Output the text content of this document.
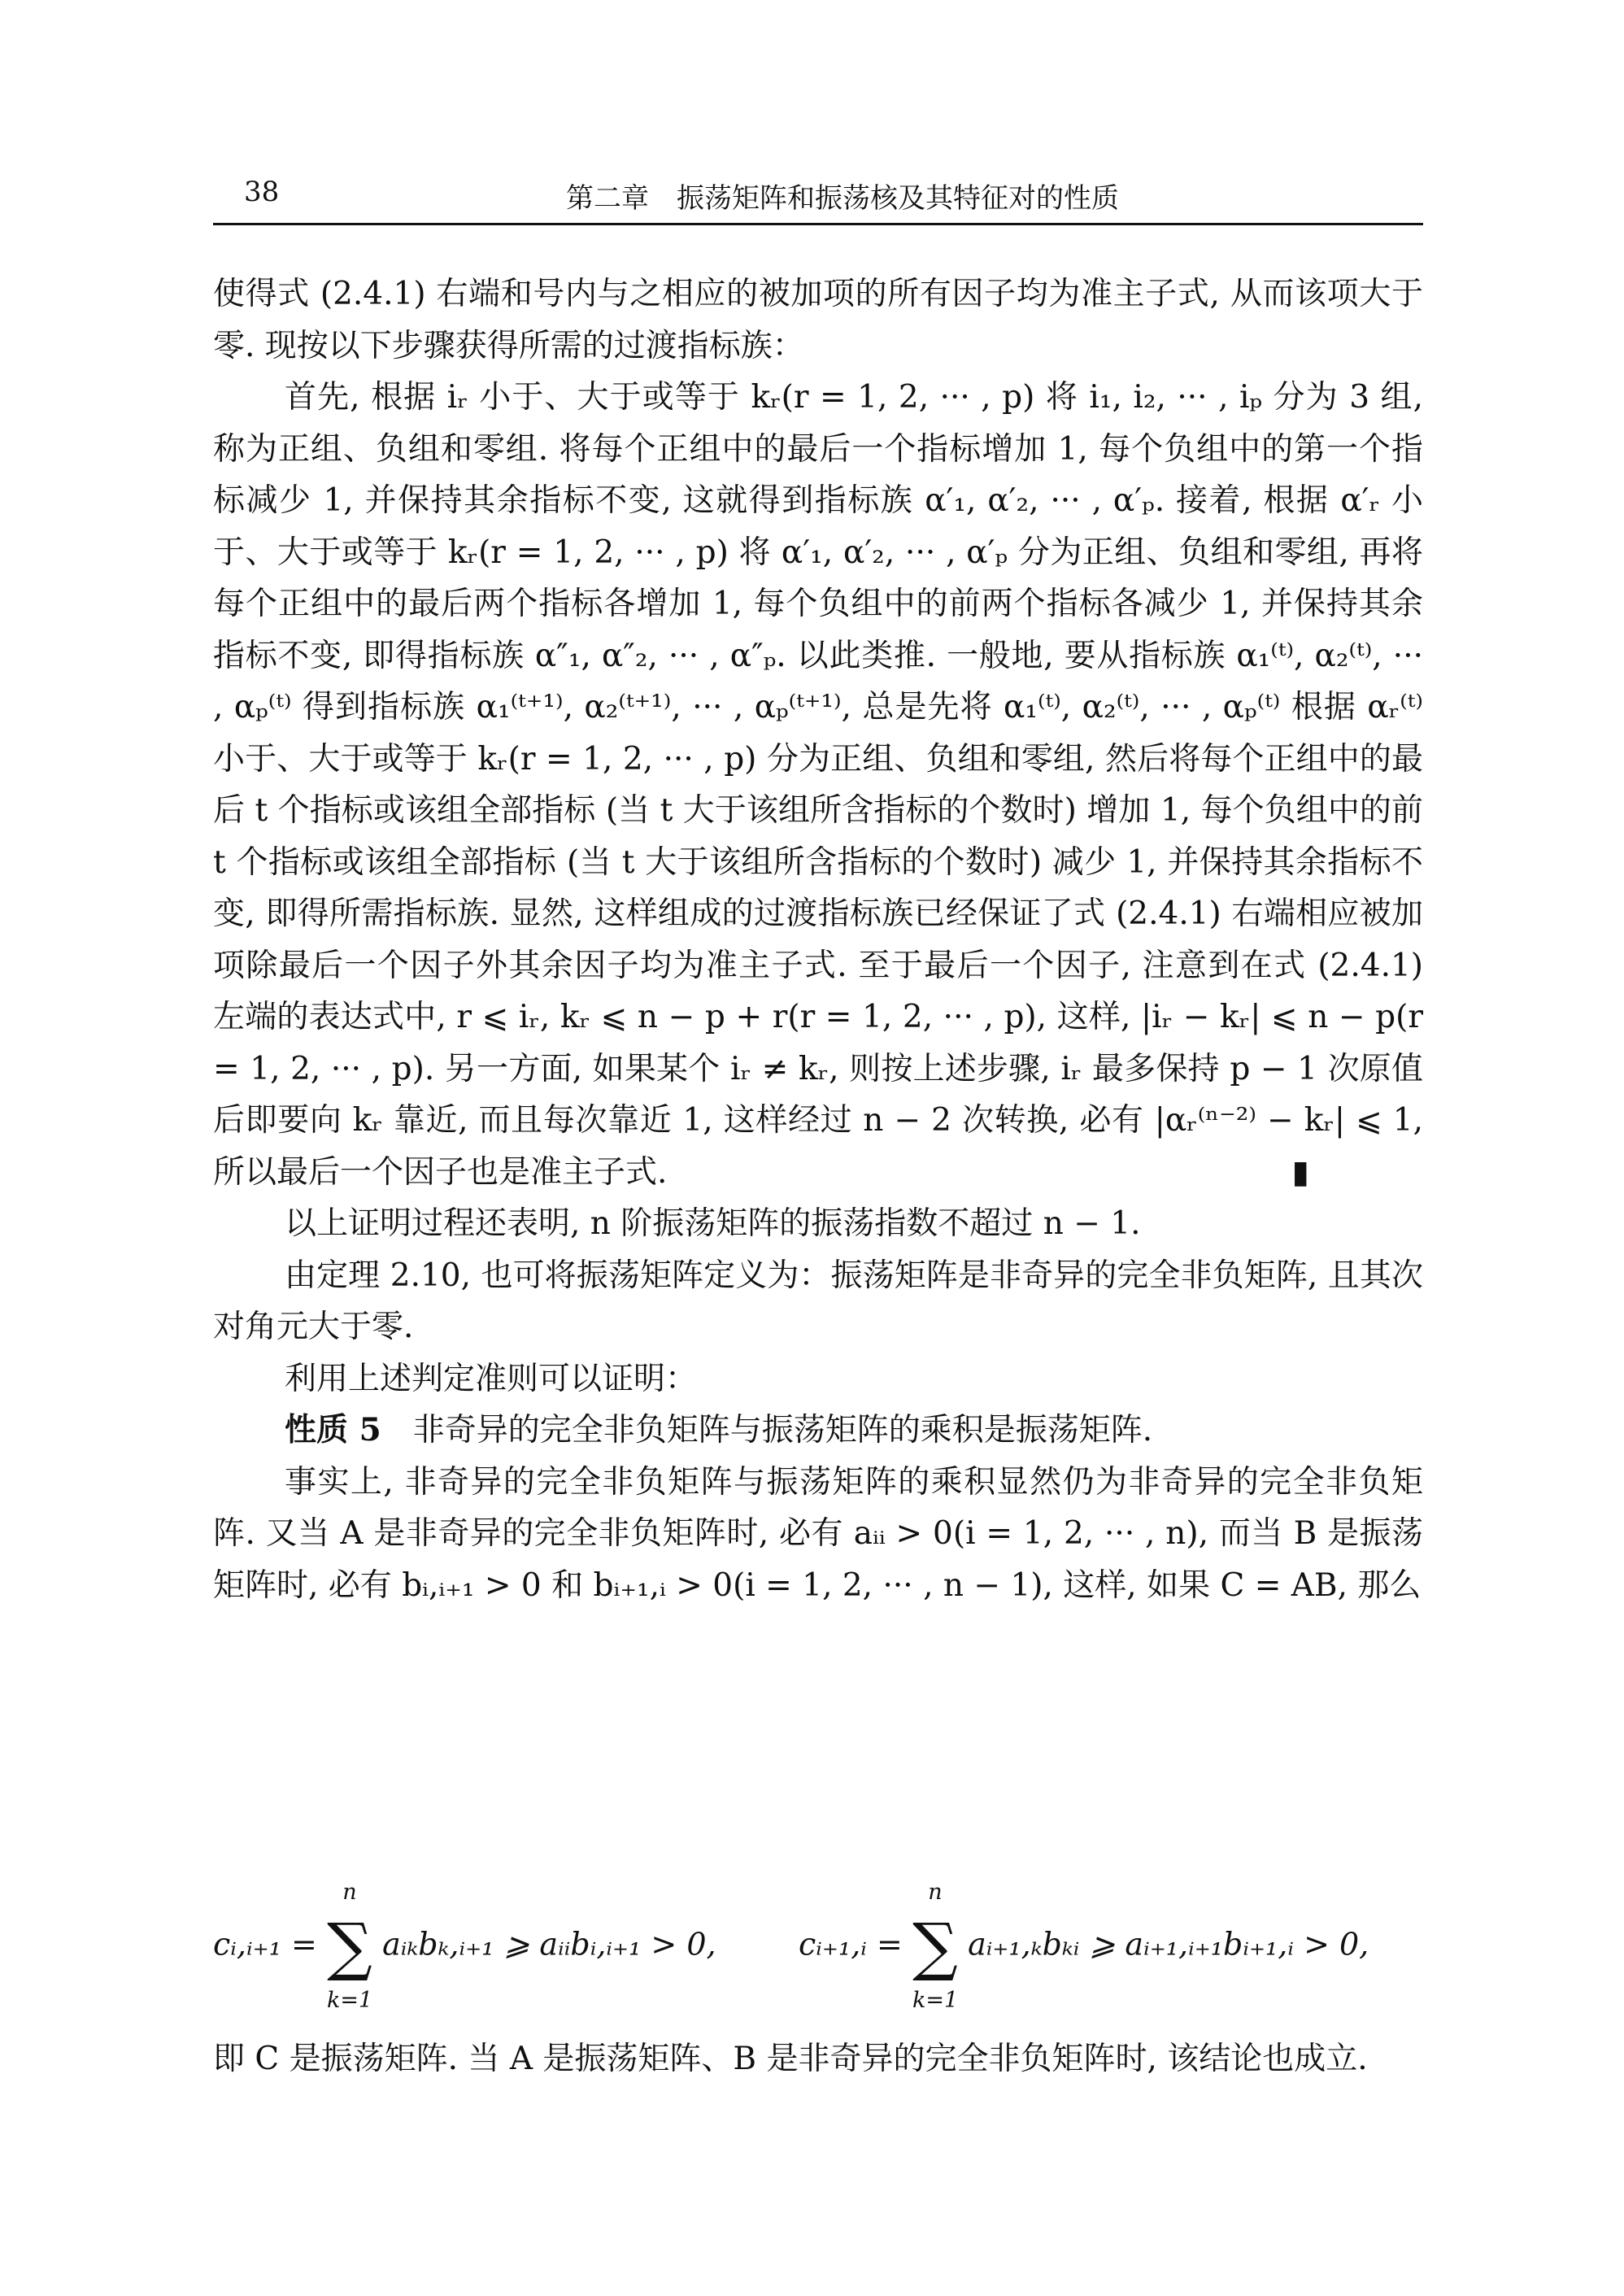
38	第二章　振荡矩阵和振荡核及其特征对的性质

使得式 (2.4.1) 右端和号内与之相应的被加项的所有因子均为准主子式, 从而该项大于零. 现按以下步骤获得所需的过渡指标族：

首先, 根据 iᵣ 小于、大于或等于 kᵣ(r = 1, 2, ··· , p) 将 i₁, i₂, ··· , iₚ 分为 3 组, 称为正组、负组和零组. 将每个正组中的最后一个指标增加 1, 每个负组中的第一个指标减少 1, 并保持其余指标不变, 这就得到指标族 α′₁, α′₂, ··· , α′ₚ. 接着, 根据 α′ᵣ 小于、大于或等于 kᵣ(r = 1, 2, ··· , p) 将 α′₁, α′₂, ··· , α′ₚ 分为正组、负组和零组, 再将每个正组中的最后两个指标各增加 1, 每个负组中的前两个指标各减少 1, 并保持其余指标不变, 即得指标族 α″₁, α″₂, ··· , α″ₚ. 以此类推. 一般地, 要从指标族 α₁⁽ᵗ⁾, α₂⁽ᵗ⁾, ··· , αₚ⁽ᵗ⁾ 得到指标族 α₁⁽ᵗ⁺¹⁾, α₂⁽ᵗ⁺¹⁾, ··· , αₚ⁽ᵗ⁺¹⁾, 总是先将 α₁⁽ᵗ⁾, α₂⁽ᵗ⁾, ··· , αₚ⁽ᵗ⁾ 根据 αᵣ⁽ᵗ⁾ 小于、大于或等于 kᵣ(r = 1, 2, ··· , p) 分为正组、负组和零组, 然后将每个正组中的最后 t 个指标或该组全部指标 (当 t 大于该组所含指标的个数时) 增加 1, 每个负组中的前 t 个指标或该组全部指标 (当 t 大于该组所含指标的个数时) 减少 1, 并保持其余指标不变, 即得所需指标族. 显然, 这样组成的过渡指标族已经保证了式 (2.4.1) 右端相应被加项除最后一个因子外其余因子均为准主子式. 至于最后一个因子, 注意到在式 (2.4.1) 左端的表达式中, r ⩽ iᵣ, kᵣ ⩽ n − p + r(r = 1, 2, ··· , p), 这样, |iᵣ − kᵣ| ⩽ n − p(r = 1, 2, ··· , p). 另一方面, 如果某个 iᵣ ≠ kᵣ, 则按上述步骤, iᵣ 最多保持 p − 1 次原值后即要向 kᵣ 靠近, 而且每次靠近 1, 这样经过 n − 2 次转换, 必有 |αᵣ⁽ⁿ⁻²⁾ − kᵣ| ⩽ 1, 所以最后一个因子也是准主子式.	▮

以上证明过程还表明, n 阶振荡矩阵的振荡指数不超过 n − 1.

由定理 2.10, 也可将振荡矩阵定义为：振荡矩阵是非奇异的完全非负矩阵, 且其次对角元大于零.

利用上述判定准则可以证明：

性质 5　 非奇异的完全非负矩阵与振荡矩阵的乘积是振荡矩阵.

事实上, 非奇异的完全非负矩阵与振荡矩阵的乘积显然仍为非奇异的完全非负矩阵. 又当 A 是非奇异的完全非负矩阵时, 必有 aᵢᵢ > 0(i = 1, 2, ··· , n), 而当 B 是振荡矩阵时, 必有 bᵢ,ᵢ₊₁ > 0 和 bᵢ₊₁,ᵢ > 0(i = 1, 2, ··· , n − 1), 这样, 如果 C = AB, 那么

cᵢ,ᵢ₊₁ =
n
∑
k=1
aᵢₖbₖ,ᵢ₊₁ ⩾ aᵢᵢbᵢ,ᵢ₊₁ > 0,	cᵢ₊₁,ᵢ =
n
∑
k=1
aᵢ₊₁,ₖbₖᵢ ⩾ aᵢ₊₁,ᵢ₊₁bᵢ₊₁,ᵢ > 0,

即 C 是振荡矩阵. 当 A 是振荡矩阵、B 是非奇异的完全非负矩阵时, 该结论也成立.
